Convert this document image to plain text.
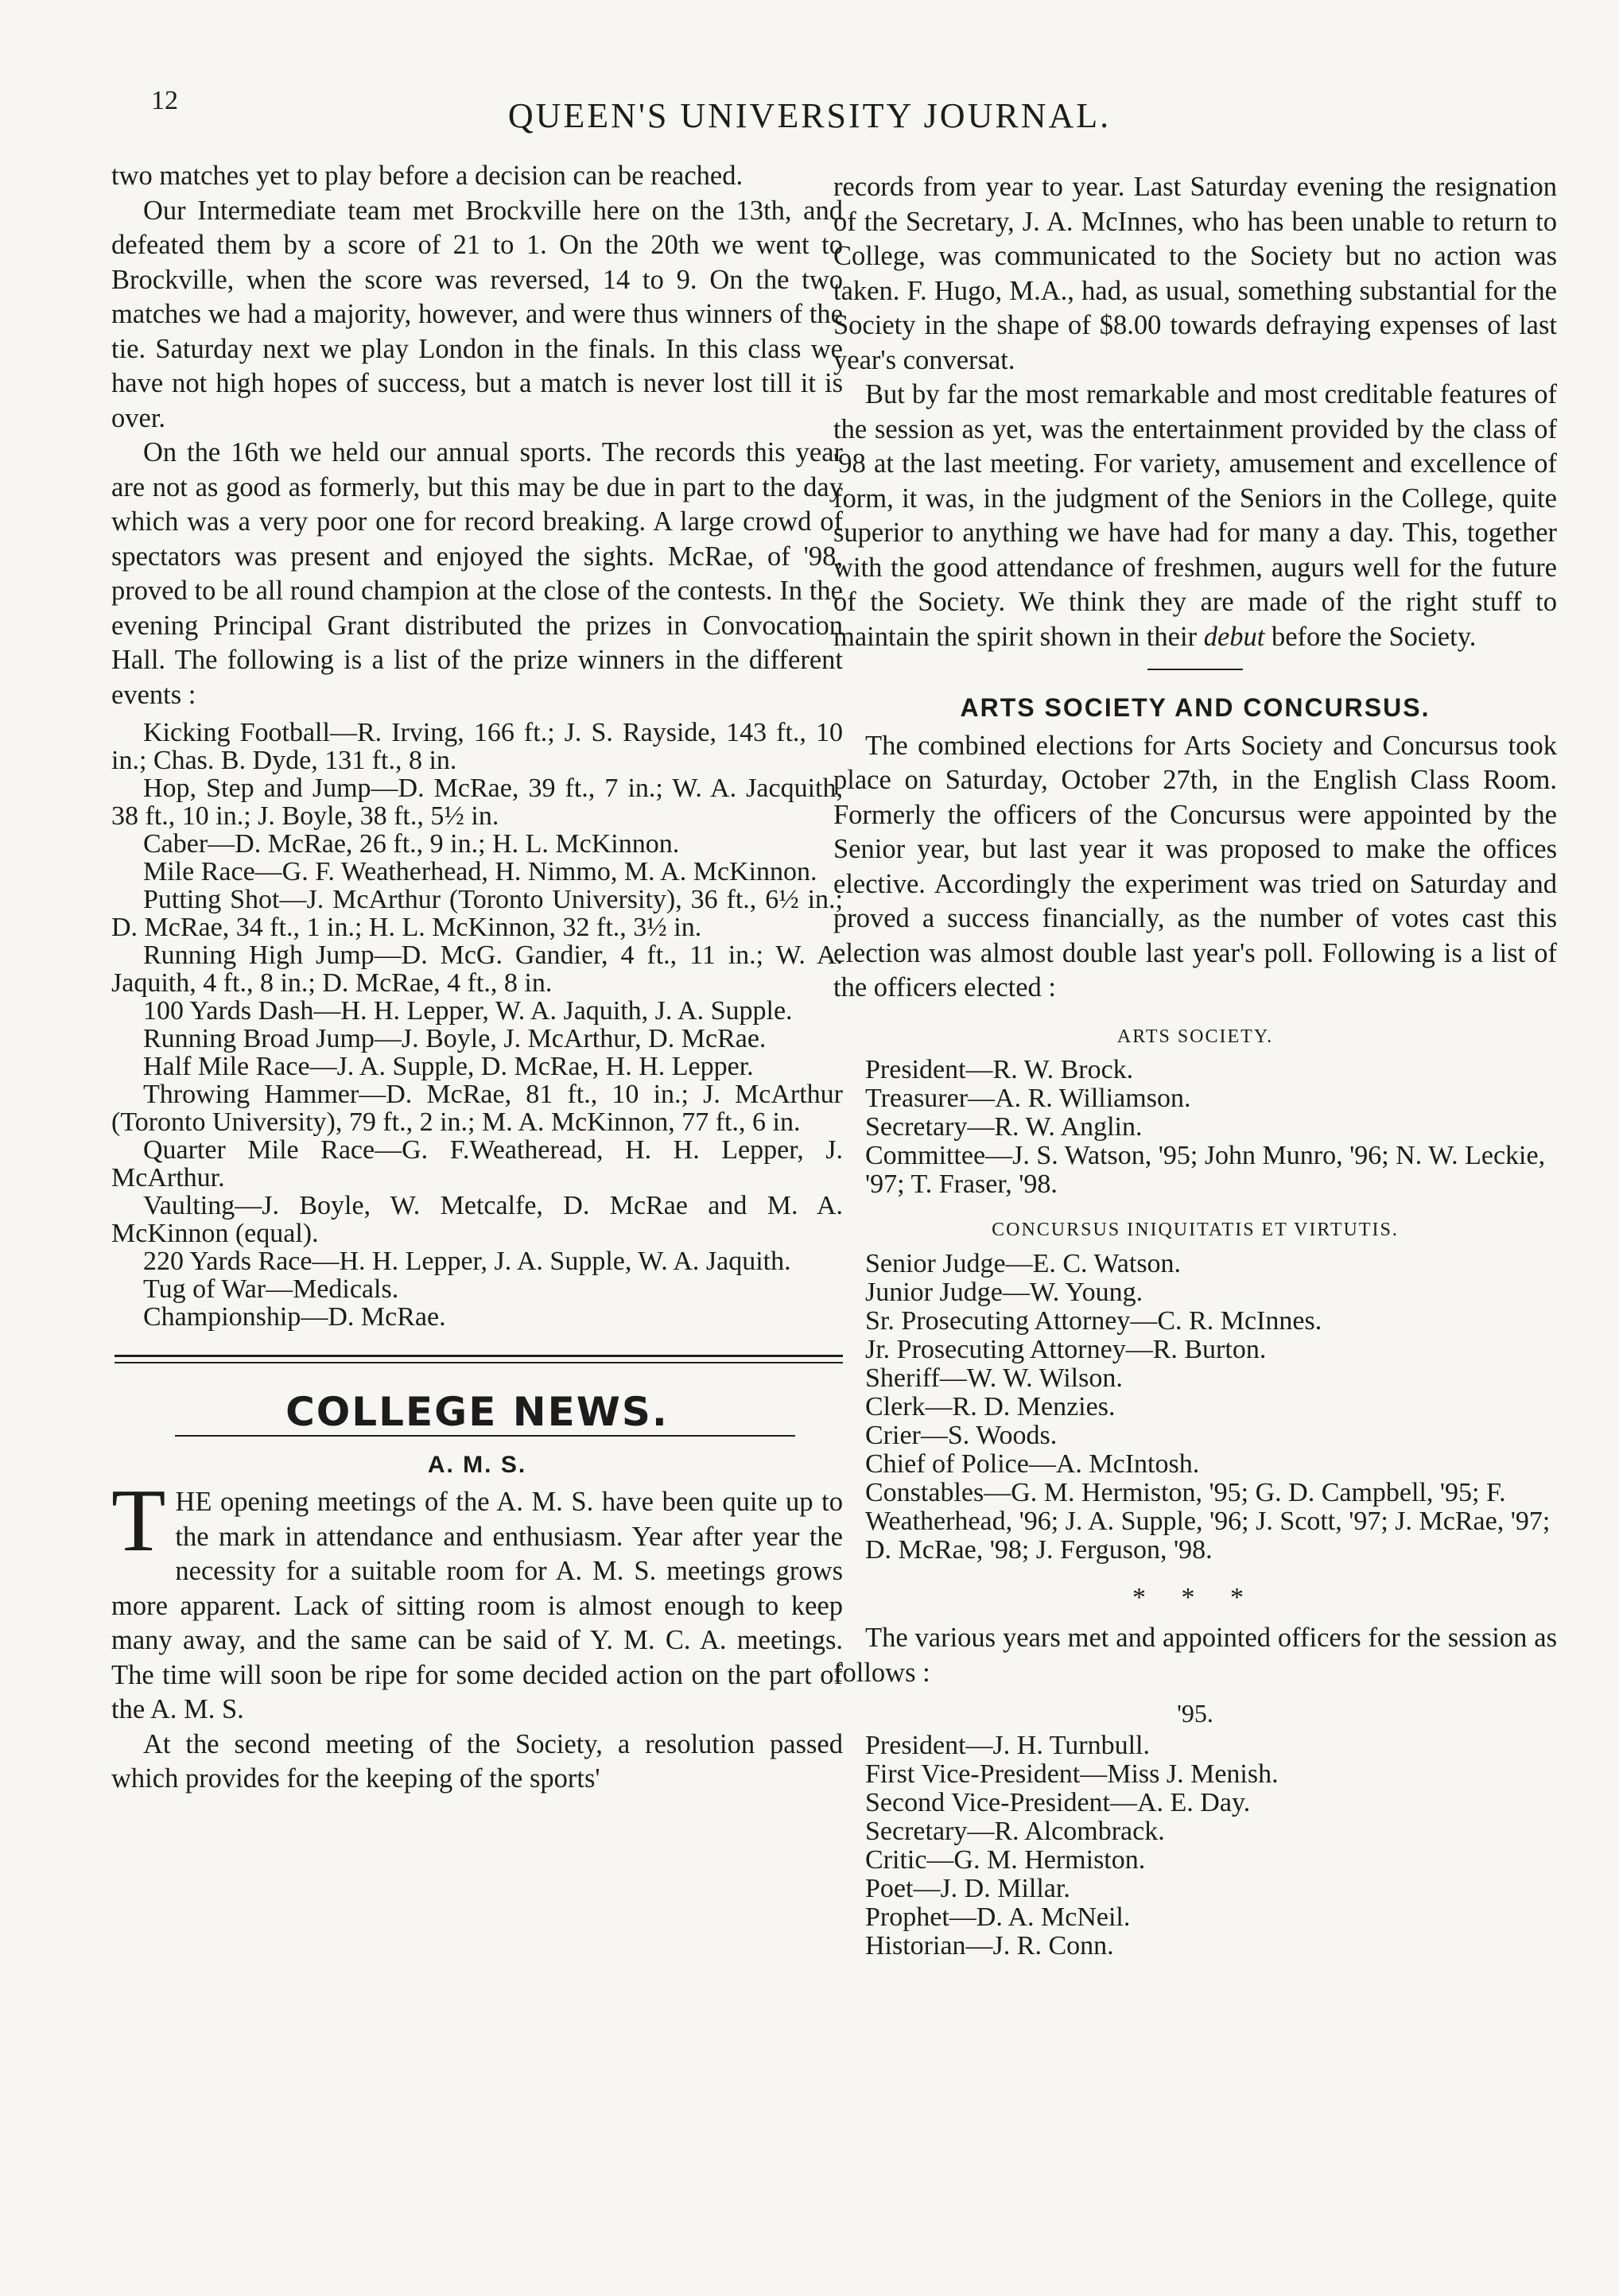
12	QUEEN'S UNIVERSITY JOURNAL.

two matches yet to play before a decision can be reached.

Our Intermediate team met Brockville here on the 13th, and defeated them by a score of 21 to 1. On the 20th we went to Brockville, when the score was reversed, 14 to 9. On the two matches we had a majority, however, and were thus winners of the tie. Saturday next we play London in the finals. In this class we have not high hopes of success, but a match is never lost till it is over.

On the 16th we held our annual sports. The records this year are not as good as formerly, but this may be due in part to the day which was a very poor one for record breaking. A large crowd of spectators was present and enjoyed the sights. McRae, of '98, proved to be all round champion at the close of the contests. In the evening Principal Grant distributed the prizes in Convocation Hall. The following is a list of the prize winners in the different events :

Kicking Football—R. Irving, 166 ft.; J. S. Rayside, 143 ft., 10 in.; Chas. B. Dyde, 131 ft., 8 in.
Hop, Step and Jump—D. McRae, 39 ft., 7 in.; W. A. Jacquith, 38 ft., 10 in.; J. Boyle, 38 ft., 5½ in.
Caber—D. McRae, 26 ft., 9 in.; H. L. McKinnon.
Mile Race—G. F. Weatherhead, H. Nimmo, M. A. McKinnon.
Putting Shot—J. McArthur (Toronto University), 36 ft., 6½ in.; D. McRae, 34 ft., 1 in.; H. L. McKinnon, 32 ft., 3½ in.
Running High Jump—D. McG. Gandier, 4 ft., 11 in.; W. A. Jaquith, 4 ft., 8 in.; D. McRae, 4 ft., 8 in.
100 Yards Dash—H. H. Lepper, W. A. Jaquith, J. A. Supple.
Running Broad Jump—J. Boyle, J. McArthur, D. McRae.
Half Mile Race—J. A. Supple, D. McRae, H. H. Lepper.
Throwing Hammer—D. McRae, 81 ft., 10 in.; J. McArthur (Toronto University), 79 ft., 2 in.; M. A. McKinnon, 77 ft., 6 in.
Quarter Mile Race—G. F.Weatheread, H. H. Lepper, J. McArthur.
Vaulting—J. Boyle, W. Metcalfe, D. McRae and M. A. McKinnon (equal).
220 Yards Race—H. H. Lepper, J. A. Supple, W. A. Jaquith.
Tug of War—Medicals.
Championship—D. McRae.
COLLEGE NEWS.
A. M. S.

THE opening meetings of the A. M. S. have been quite up to the mark in attendance and enthusiasm. Year after year the necessity for a suitable room for A. M. S. meetings grows more apparent. Lack of sitting room is almost enough to keep many away, and the same can be said of Y. M. C. A. meetings. The time will soon be ripe for some decided action on the part of the A. M. S.

At the second meeting of the Society, a resolution passed which provides for the keeping of the sports'

records from year to year. Last Saturday evening the resignation of the Secretary, J. A. McInnes, who has been unable to return to College, was communicated to the Society but no action was taken. F. Hugo, M.A., had, as usual, something substantial for the Society in the shape of $8.00 towards defraying expenses of last year's conversat.

But by far the most remarkable and most creditable features of the session as yet, was the entertainment provided by the class of '98 at the last meeting. For variety, amusement and excellence of form, it was, in the judgment of the Seniors in the College, quite superior to anything we have had for many a day. This, together with the good attendance of freshmen, augurs well for the future of the Society. We think they are made of the right stuff to maintain the spirit shown in their debut before the Society.

ARTS SOCIETY AND CONCURSUS.

The combined elections for Arts Society and Concursus took place on Saturday, October 27th, in the English Class Room. Formerly the officers of the Concursus were appointed by the Senior year, but last year it was proposed to make the offices elective. Accordingly the experiment was tried on Saturday and proved a success financially, as the number of votes cast this election was almost double last year's poll. Following is a list of the officers elected :

ARTS SOCIETY.
President—R. W. Brock.
Treasurer—A. R. Williamson.
Secretary—R. W. Anglin.
Committee—J. S. Watson, '95; John Munro, '96; N. W. Leckie, '97; T. Fraser, '98.
CONCURSUS INIQUITATIS ET VIRTUTIS.
Senior Judge—E. C. Watson.
Junior Judge—W. Young.
Sr. Prosecuting Attorney—C. R. McInnes.
Jr. Prosecuting Attorney—R. Burton.
Sheriff—W. W. Wilson.
Clerk—R. D. Menzies.
Crier—S. Woods.
Chief of Police—A. McIntosh.
Constables—G. M. Hermiston, '95; G. D. Campbell, '95; F. Weatherhead, '96; J. A. Supple, '96; J. Scott, '97; J. McRae, '97; D. McRae, '98; J. Ferguson, '98.
* * *

The various years met and appointed officers for the session as follows :

'95.
President—J. H. Turnbull.
First Vice-President—Miss J. Menish.
Second Vice-President—A. E. Day.
Secretary—R. Alcombrack.
Critic—G. M. Hermiston.
Poet—J. D. Millar.
Prophet—D. A. McNeil.
Historian—J. R. Conn.
